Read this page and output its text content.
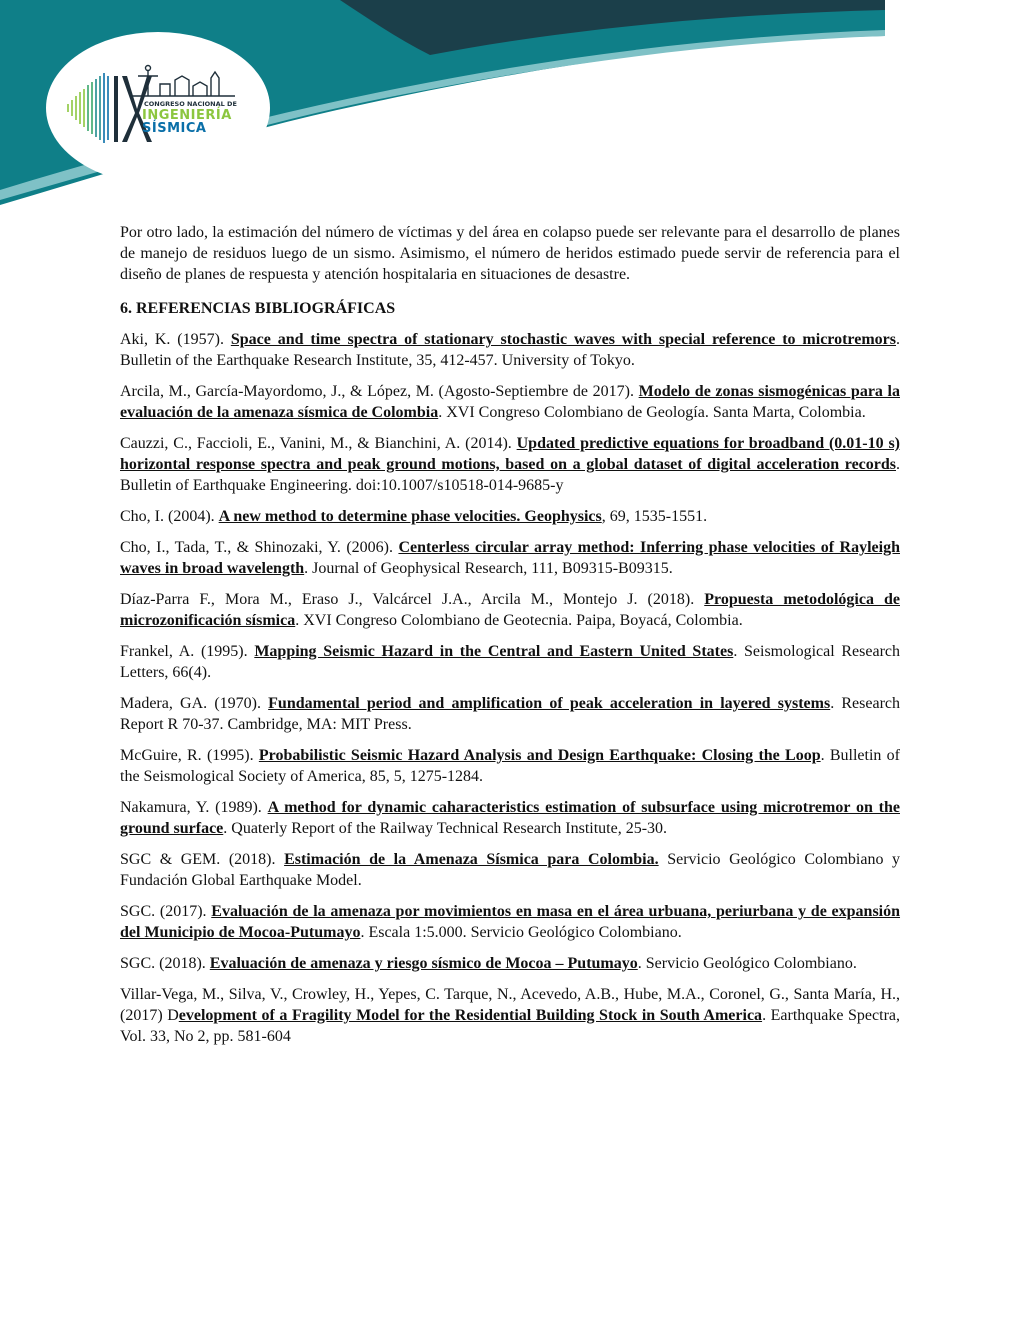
CONGRESO NACIONAL DE
INGENIERÍA
SÍSMICA

Por otro lado, la estimación del número de víctimas y del área en colapso puede ser relevante para el desarrollo de planes de manejo de residuos luego de un sismo. Asimismo, el número de heridos estimado puede servir de referencia para el diseño de planes de respuesta y atención hospitalaria en situaciones de desastre.

6. REFERENCIAS BIBLIOGRÁFICAS

Aki, K. (1957). Space and time spectra of stationary stochastic waves with special reference to microtremors. Bulletin of the Earthquake Research Institute, 35, 412-457. University of Tokyo.

Arcila, M., García-Mayordomo, J., & López, M. (Agosto-Septiembre de 2017). Modelo de zonas sismogénicas para la evaluación de la amenaza sísmica de Colombia. XVI Congreso Colombiano de Geología. Santa Marta, Colombia.

Cauzzi, C., Faccioli, E., Vanini, M., & Bianchini, A. (2014). Updated predictive equations for broadband (0.01-10 s) horizontal response spectra and peak ground motions, based on a global dataset of digital acceleration records. Bulletin of Earthquake Engineering. doi:10.1007/s10518-014-9685-y

Cho, I. (2004). A new method to determine phase velocities. Geophysics, 69, 1535-1551.

Cho, I., Tada, T., & Shinozaki, Y. (2006). Centerless circular array method: Inferring phase velocities of Rayleigh waves in broad wavelength. Journal of Geophysical Research, 111, B09315-B09315.

Díaz-Parra F., Mora M., Eraso J., Valcárcel J.A., Arcila M., Montejo J. (2018). Propuesta metodológica de microzonificación sísmica. XVI Congreso Colombiano de Geotecnia. Paipa, Boyacá, Colombia.

Frankel, A. (1995). Mapping Seismic Hazard in the Central and Eastern United States. Seismological Research Letters, 66(4).

Madera, GA. (1970). Fundamental period and amplification of peak acceleration in layered systems. Research Report R 70-37. Cambridge, MA: MIT Press.

McGuire, R. (1995). Probabilistic Seismic Hazard Analysis and Design Earthquake: Closing the Loop. Bulletin of the Seismological Society of America, 85, 5, 1275-1284.

Nakamura, Y. (1989). A method for dynamic caharacteristics estimation of subsurface using microtremor on the ground surface. Quaterly Report of the Railway Technical Research Institute, 25-30.

SGC & GEM. (2018). Estimación de la Amenaza Sísmica para Colombia. Servicio Geológico Colombiano y Fundación Global Earthquake Model.

SGC. (2017). Evaluación de la amenaza por movimientos en masa en el área urbuana, periurbana y de expansión del Municipio de Mocoa-Putumayo. Escala 1:5.000. Servicio Geológico Colombiano.

SGC. (2018). Evaluación de amenaza y riesgo sísmico de Mocoa – Putumayo. Servicio Geológico Colombiano.

Villar-Vega, M., Silva, V., Crowley, H., Yepes, C. Tarque, N., Acevedo, A.B., Hube, M.A., Coronel, G., Santa María, H., (2017) Development of a Fragility Model for the Residential Building Stock in South America. Earthquake Spectra, Vol. 33, No 2, pp. 581-604
